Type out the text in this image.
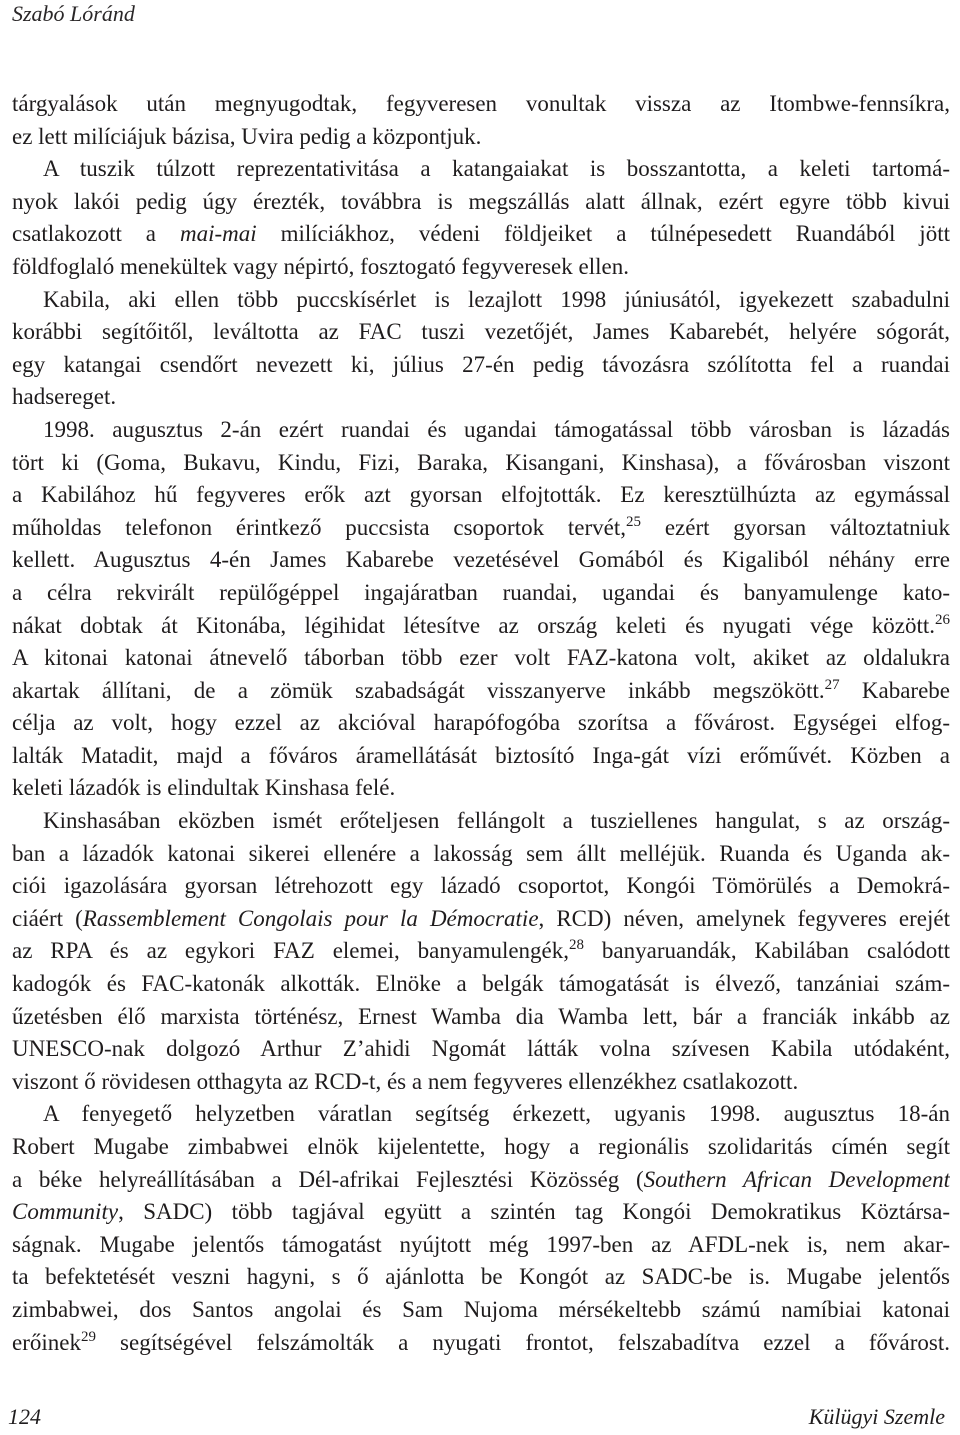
Szabó Lóránd
tárgyalások után megnyugodtak, fegyveresen vonultak vissza az Itombwe-fennsíkra,
ez lett milíciájuk bázisa, Uvira pedig a központjuk.
A tuszik túlzott reprezentativitása a katangaiakat is bosszantotta, a keleti tartomá-
nyok lakói pedig úgy érezték, továbbra is megszállás alatt állnak, ezért egyre több kivui
csatlakozott a mai-mai milíciákhoz, védeni földjeiket a túlnépesedett Ruandából jött
földfoglaló menekültek vagy népirtó, fosztogató fegyveresek ellen.
Kabila, aki ellen több puccskísérlet is lezajlott 1998 júniusától, igyekezett szabadulni
korábbi segítőitől, leváltotta az FAC tuszi vezetőjét, James Kabarebét, helyére sógorát,
egy katangai csendőrt nevezett ki, július 27-én pedig távozásra szólította fel a ruandai
hadsereget.
1998. augusztus 2-án ezért ruandai és ugandai támogatással több városban is lázadás
tört ki (Goma, Bukavu, Kindu, Fizi, Baraka, Kisangani, Kinshasa), a fővárosban viszont
a Kabilához hű fegyveres erők azt gyorsan elfojtották. Ez keresztülhúzta az egymással
műholdas telefonon érintkező puccsista csoportok tervét,$^{25}$ ezért gyorsan változtatniuk
kellett. Augusztus 4-én James Kabarebe vezetésével Gomából és Kigaliból néhány erre
a célra rekvirált repülőgéppel ingajáratban ruandai, ugandai és banyamulenge kato-
nákat dobtak át Kitonába, légihidat létesítve az ország keleti és nyugati vége között.$^{26}$
A kitonai katonai átnevelő táborban több ezer volt FAZ-katona volt, akiket az oldalukra
akartak állítani, de a zömük szabadságát visszanyerve inkább megszökött.$^{27}$ Kabarebe
célja az volt, hogy ezzel az akcióval harapófogóba szorítsa a fővárost. Egységei elfog-
lalták Matadit, majd a főváros áramellátását biztosító Inga-gát vízi erőművét. Közben a
keleti lázadók is elindultak Kinshasa felé.
Kinshasában eközben ismét erőteljesen fellángolt a tusziellenes hangulat, s az ország-
ban a lázadók katonai sikerei ellenére a lakosság sem állt melléjük. Ruanda és Uganda ak-
ciói igazolására gyorsan létrehozott egy lázadó csoportot, Kongói Tömörülés a Demokrá-
ciáért (Rassemblement Congolais pour la Démocratie, RCD) néven, amelynek fegyveres erejét
az RPA és az egykori FAZ elemei, banyamulengék,$^{28}$ banyaruandák, Kabilában csalódott
kadogók és FAC-katonák alkották. Elnöke a belgák támogatását is élvező, tanzániai szám-
űzetésben élő marxista történész, Ernest Wamba dia Wamba lett, bár a franciák inkább az
UNESCO-nak dolgozó Arthur Z’ahidi Ngomát látták volna szívesen Kabila utódaként,
viszont ő rövidesen otthagyta az RCD-t, és a nem fegyveres ellenzékhez csatlakozott.
A fenyegető helyzetben váratlan segítség érkezett, ugyanis 1998. augusztus 18-án
Robert Mugabe zimbabwei elnök kijelentette, hogy a regionális szolidaritás címén segít
a béke helyreállításában a Dél-afrikai Fejlesztési Közösség (Southern African Development
Community, SADC) több tagjával együtt a szintén tag Kongói Demokratikus Köztársa-
ságnak. Mugabe jelentős támogatást nyújtott még 1997-ben az AFDL-nek is, nem akar-
ta befektetését veszni hagyni, s ő ajánlotta be Kongót az SADC-be is. Mugabe jelentős
zimbabwei, dos Santos angolai és Sam Nujoma mérsékeltebb számú namíbiai katonai
erőinek$^{29}$ segítségével felszámolták a nyugati frontot, felszabadítva ezzel a fővárost.
124	Külügyi Szemle
